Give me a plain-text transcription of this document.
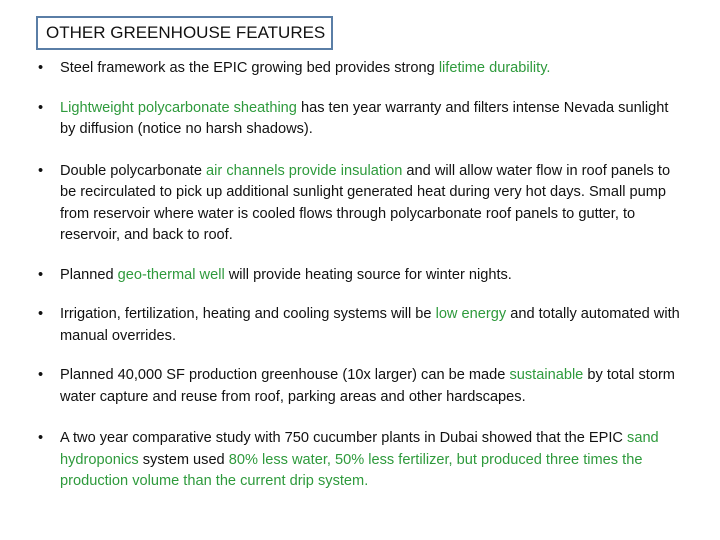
OTHER GREENHOUSE FEATURES
• Steel framework as the EPIC growing bed provides strong lifetime durability.
• Lightweight polycarbonate sheathing has ten year warranty and filters intense Nevada sunlight by diffusion (notice no harsh shadows).
• Double polycarbonate air channels provide insulation and will allow water flow in roof panels to be recirculated to pick up additional sunlight generated heat during very hot days. Small pump from reservoir where water is cooled flows through polycarbonate roof panels to gutter, to reservoir, and back to roof.
• Planned geo-thermal well will provide heating source for winter nights.
• Irrigation, fertilization, heating and cooling systems will be low energy and totally automated with manual overrides.
• Planned 40,000 SF production greenhouse (10x larger) can be made sustainable by total storm water capture and reuse from roof, parking areas and other hardscapes.
• A two year comparative study with 750 cucumber plants in Dubai showed that the EPIC sand hydroponics system used 80% less water, 50% less fertilizer, but produced three times the production volume than the current drip system.
